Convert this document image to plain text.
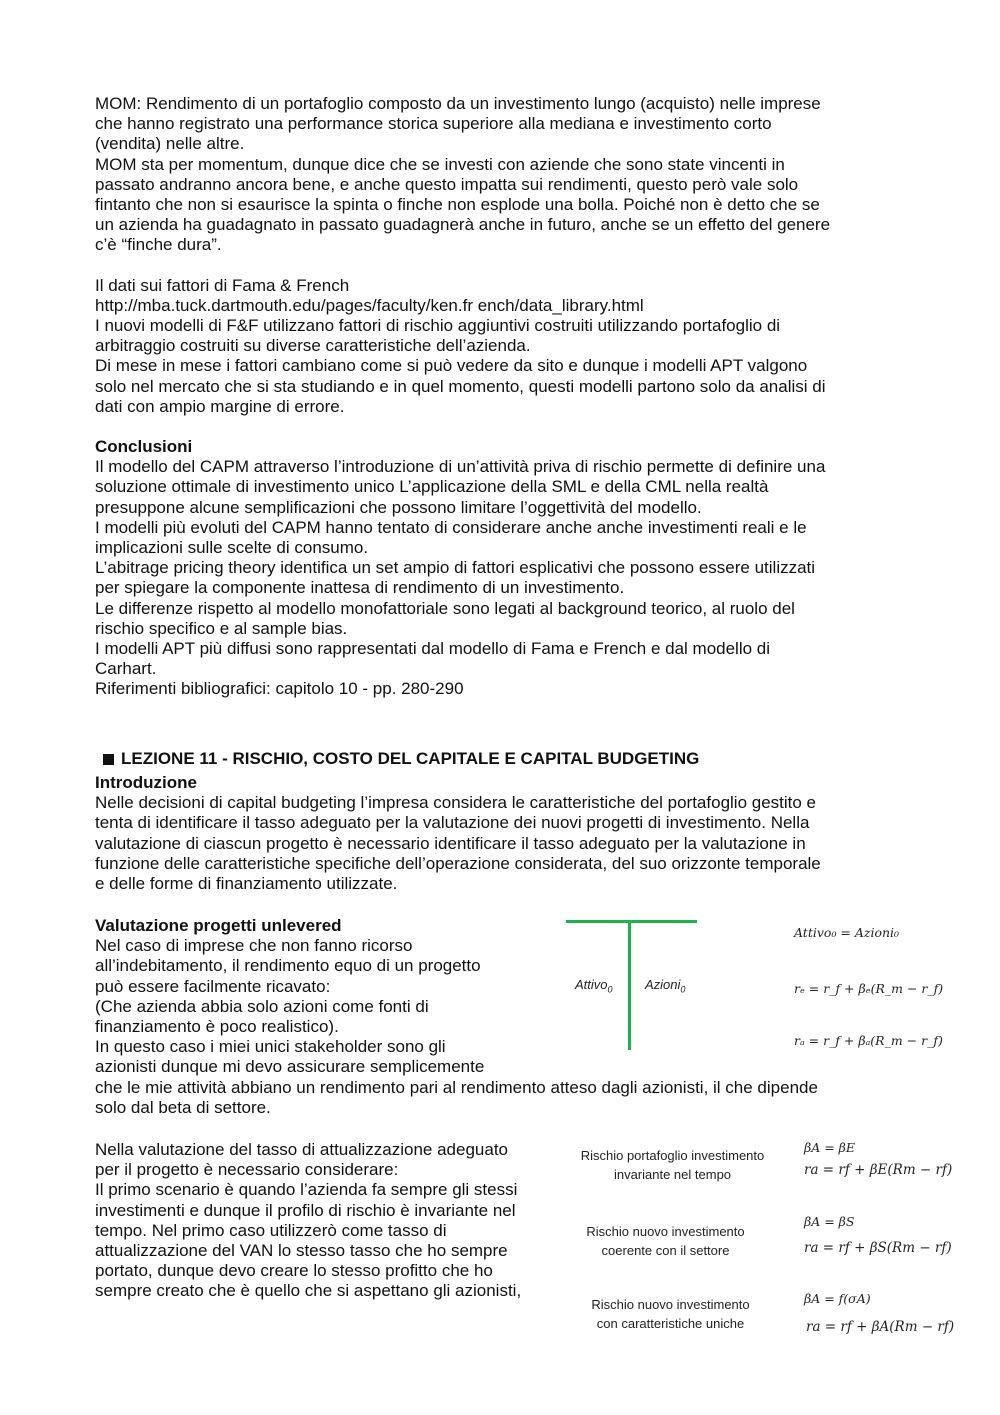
MOM: Rendimento di un portafoglio composto da un investimento lungo (acquisto) nelle imprese

che hanno registrato una performance storica superiore alla mediana e investimento corto

(vendita) nelle altre.

MOM sta per momentum, dunque dice che se investi con aziende che sono state vincenti in

passato andranno ancora bene, e anche questo impatta sui rendimenti, questo però vale solo

fintanto che non si esaurisce la spinta o finche non esplode una bolla. Poiché non è detto che se

un azienda ha guadagnato in passato guadagnerà anche in futuro, anche se un effetto del genere

c’è “finche dura”.

Il dati sui fattori di Fama & French

http://mba.tuck.dartmouth.edu/pages/faculty/ken.fr ench/data_library.html

I nuovi modelli di F&F utilizzano fattori di rischio aggiuntivi costruiti utilizzando portafoglio di

arbitraggio costruiti su diverse caratteristiche dell’azienda.

Di mese in mese i fattori cambiano come si può vedere da sito e dunque i modelli APT valgono

solo nel mercato che si sta studiando e in quel momento, questi modelli partono solo da analisi di

dati con ampio margine di errore.

Conclusioni

Il modello del CAPM attraverso l’introduzione di un’attività priva di rischio permette di definire una

soluzione ottimale di investimento unico L’applicazione della SML e della CML nella realtà

presuppone alcune semplificazioni che possono limitare l’oggettività del modello.

I modelli più evoluti del CAPM hanno tentato di considerare anche anche investimenti reali e le

implicazioni sulle scelte di consumo.

L’abitrage pricing theory identifica un set ampio di fattori esplicativi che possono essere utilizzati

per spiegare la componente inattesa di rendimento di un investimento.

Le differenze rispetto al modello monofattoriale sono legati al background teorico, al ruolo del

rischio specifico e al sample bias.

I modelli APT più diffusi sono rappresentati dal modello di Fama e French e dal modello di

Carhart.

Riferimenti bibliografici: capitolo 10 - pp. 280-290

LEZIONE 11 - RISCHIO, COSTO DEL CAPITALE E CAPITAL BUDGETING

Introduzione

Nelle decisioni di capital budgeting l’impresa considera le caratteristiche del portafoglio gestito e

tenta di identificare il tasso adeguato per la valutazione dei nuovi progetti di investimento. Nella

valutazione di ciascun progetto è necessario identificare il tasso adeguato per la valutazione in

funzione delle caratteristiche specifiche dell’operazione considerata, del suo orizzonte temporale

e delle forme di finanziamento utilizzate.

Valutazione progetti unlevered

Nel caso di imprese che non fanno ricorso

all’indebitamento, il rendimento equo di un progetto

può essere facilmente ricavato:

(Che azienda abbia solo azioni come fonti di

finanziamento è poco realistico).

In questo caso i miei unici stakeholder sono gli

azionisti dunque mi devo assicurare semplicemente

che le mie attività abbiano un rendimento pari al rendimento atteso dagli azionisti, il che dipende

solo dal beta di settore.

Attivo$_0$ Azioni$_0$
Attivo₀ = Azioni₀
rₑ = r_f + βₑ(R_m − r_f)
rₐ = r_f + βₐ(R_m − r_f)

Nella valutazione del tasso di attualizzazione adeguato

per il progetto è necessario considerare:

Il primo scenario è quando l’azienda fa sempre gli stessi

investimenti e dunque il profilo di rischio è invariante nel

tempo. Nel primo caso utilizzerò come tasso di

attualizzazione del VAN lo stesso tasso che ho sempre

portato, dunque devo creare lo stesso profitto che ho

sempre creato che è quello che si aspettano gli azionisti,

Rischio portafoglio investimento
invariante nel tempo
βA = βE
ra = rf + βE(Rm − rf)
Rischio nuovo investimento
coerente con il settore
βA = βS
ra = rf + βS(Rm − rf)
Rischio nuovo investimento
con caratteristiche uniche
βA = f(σA)
ra = rf + βA(Rm − rf)
